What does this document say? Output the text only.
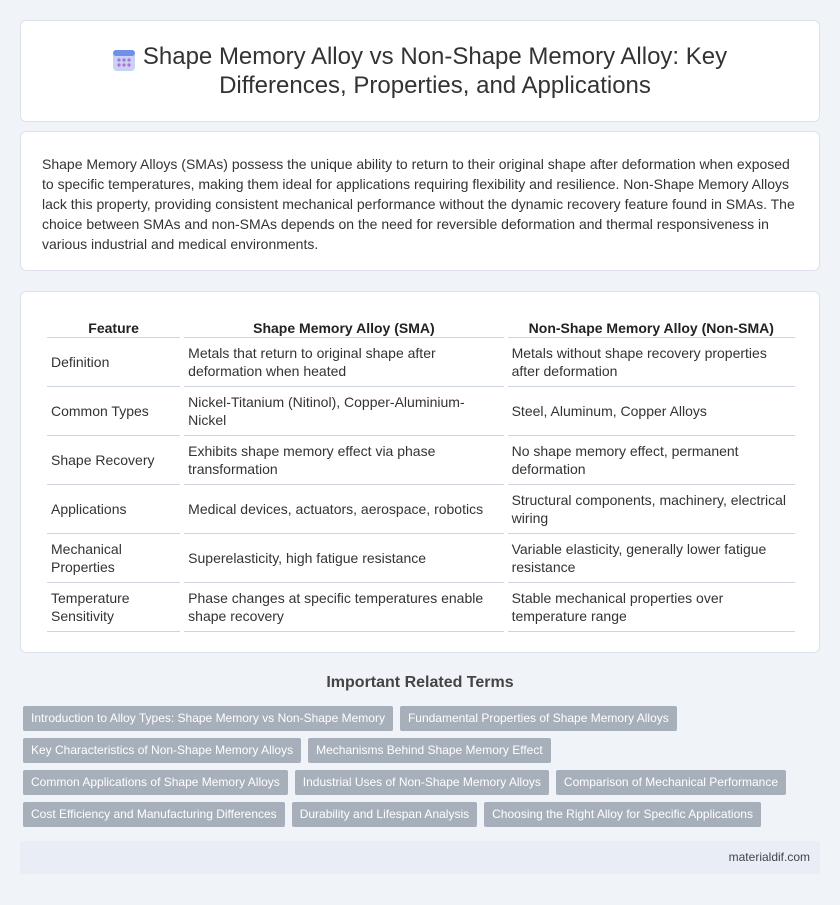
Shape Memory Alloy vs Non-Shape Memory Alloy: Key Differences, Properties, and Applications

Shape Memory Alloys (SMAs) possess the unique ability to return to their original shape after deformation when exposed to specific temperatures, making them ideal for applications requiring flexibility and resilience. Non-Shape Memory Alloys lack this property, providing consistent mechanical performance without the dynamic recovery feature found in SMAs. The choice between SMAs and non-SMAs depends on the need for reversible deformation and thermal responsiveness in various industrial and medical environments.

Feature	Shape Memory Alloy (SMA)	Non-Shape Memory Alloy (Non-SMA)
Definition	Metals that return to original shape after deformation when heated	Metals without shape recovery properties after deformation
Common Types	Nickel-Titanium (Nitinol), Copper-Aluminium-Nickel	Steel, Aluminum, Copper Alloys
Shape Recovery	Exhibits shape memory effect via phase transformation	No shape memory effect, permanent deformation
Applications	Medical devices, actuators, aerospace, robotics	Structural components, machinery, electrical wiring
Mechanical Properties	Superelasticity, high fatigue resistance	Variable elasticity, generally lower fatigue resistance
Temperature Sensitivity	Phase changes at specific temperatures enable shape recovery	Stable mechanical properties over temperature range
Important Related Terms
Introduction to Alloy Types: Shape Memory vs Non-Shape Memory	Fundamental Properties of Shape Memory Alloys
Key Characteristics of Non-Shape Memory Alloys	Mechanisms Behind Shape Memory Effect
Common Applications of Shape Memory Alloys	Industrial Uses of Non-Shape Memory Alloys	Comparison of Mechanical Performance
Cost Efficiency and Manufacturing Differences	Durability and Lifespan Analysis	Choosing the Right Alloy for Specific Applications
materialdif.com
